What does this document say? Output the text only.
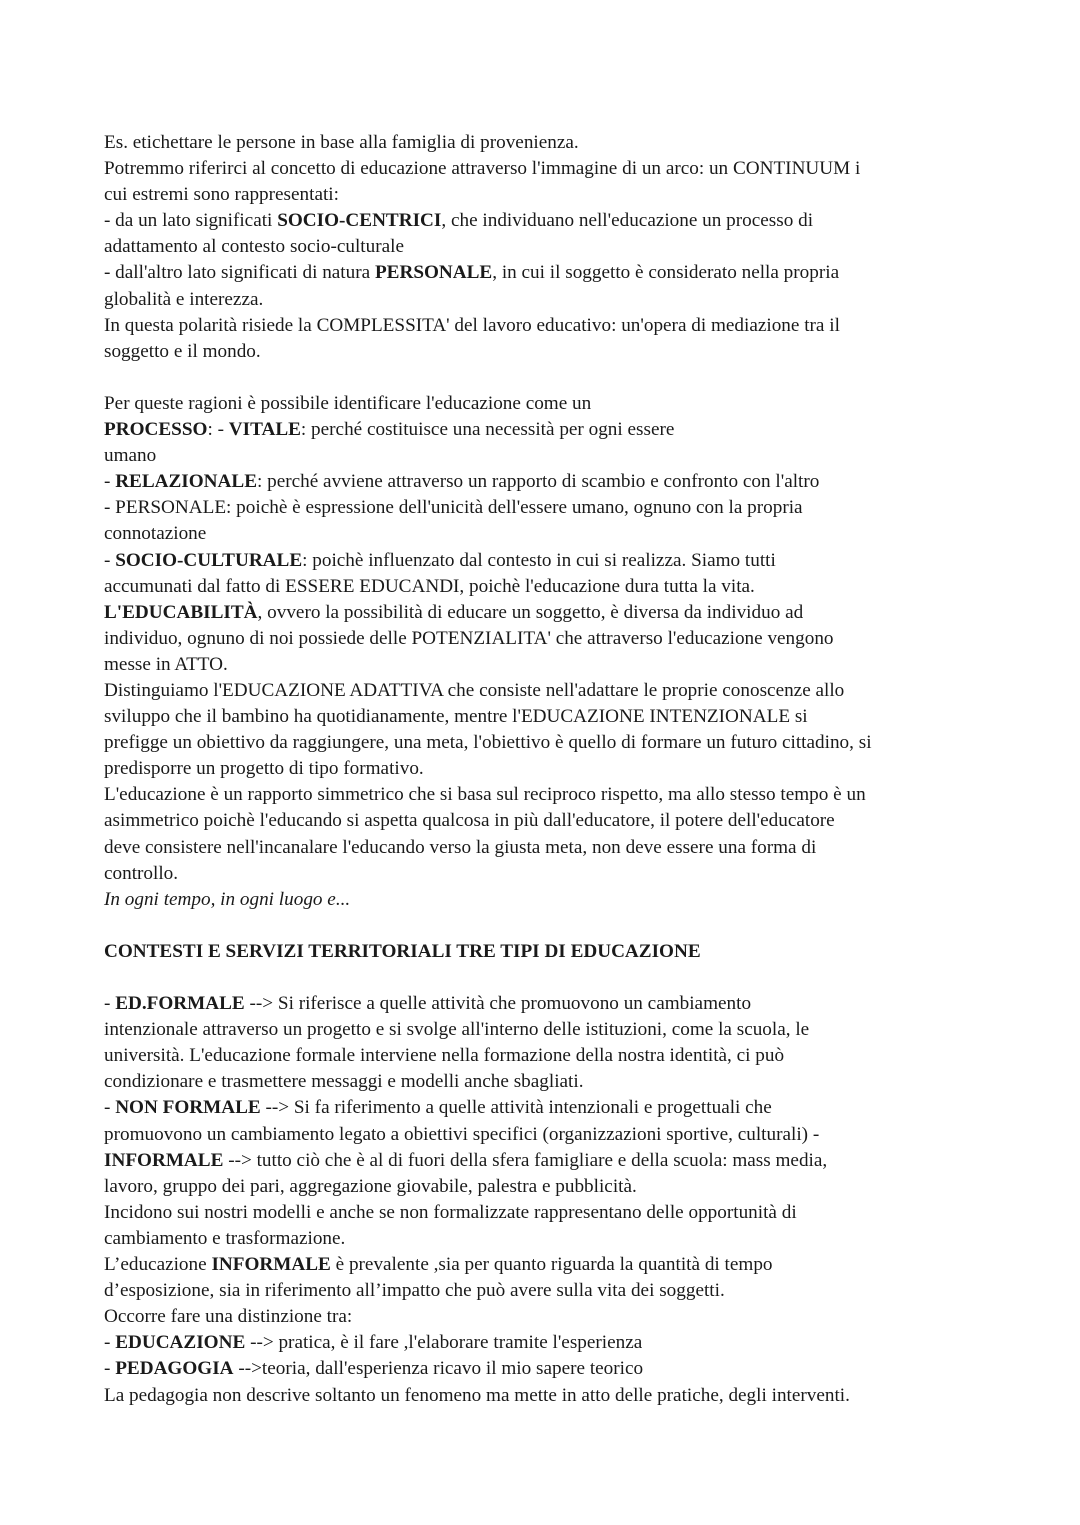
Es. etichettare le persone in base alla famiglia di provenienza.
Potremmo riferirci al concetto di educazione attraverso l'immagine di un arco: un CONTINUUM i
cui estremi sono rappresentati:
- da un lato significati SOCIO-CENTRICI, che individuano nell'educazione un processo di
adattamento al contesto socio-culturale
- dall'altro lato significati di natura PERSONALE, in cui il soggetto è considerato nella propria
globalità e interezza.
In questa polarità risiede la COMPLESSITA' del lavoro educativo: un'opera di mediazione tra il
soggetto e il mondo.
Per queste ragioni è possibile identificare l'educazione come un
PROCESSO: - VITALE: perché costituisce una necessità per ogni essere
umano
- RELAZIONALE: perché avviene attraverso un rapporto di scambio e confronto con l'altro
- PERSONALE: poichè è espressione dell'unicità dell'essere umano, ognuno con la propria
connotazione
- SOCIO-CULTURALE: poichè influenzato dal contesto in cui si realizza. Siamo tutti
accumunati dal fatto di ESSERE EDUCANDI, poichè l'educazione dura tutta la vita.
L'EDUCABILITÀ, ovvero la possibilità di educare un soggetto, è diversa da individuo ad
individuo, ognuno di noi possiede delle POTENZIALITA' che attraverso l'educazione vengono
messe in ATTO.
Distinguiamo l'EDUCAZIONE ADATTIVA che consiste nell'adattare le proprie conoscenze allo
sviluppo che il bambino ha quotidianamente, mentre l'EDUCAZIONE INTENZIONALE si
prefigge un obiettivo da raggiungere, una meta, l'obiettivo è quello di formare un futuro cittadino, si
predisporre un progetto di tipo formativo.
L'educazione è un rapporto simmetrico che si basa sul reciproco rispetto, ma allo stesso tempo è un
asimmetrico poichè l'educando si aspetta qualcosa in più dall'educatore, il potere dell'educatore
deve consistere nell'incanalare l'educando verso la giusta meta, non deve essere una forma di
controllo.
In ogni tempo, in ogni luogo e...
CONTESTI E SERVIZI TERRITORIALI TRE TIPI DI EDUCAZIONE
- ED.FORMALE --> Si riferisce a quelle attività che promuovono un cambiamento
intenzionale attraverso un progetto e si svolge all'interno delle istituzioni, come la scuola, le
università. L'educazione formale interviene nella formazione della nostra identità, ci può
condizionare e trasmettere messaggi e modelli anche sbagliati.
- NON FORMALE --> Si fa riferimento a quelle attività intenzionali e progettuali che
promuovono un cambiamento legato a obiettivi specifici (organizzazioni sportive, culturali) -
INFORMALE --> tutto ciò che è al di fuori della sfera famigliare e della scuola: mass media,
lavoro, gruppo dei pari, aggregazione giovabile, palestra e pubblicità.
Incidono sui nostri modelli e anche se non formalizzate rappresentano delle opportunità di
cambiamento e trasformazione.
L’educazione INFORMALE è prevalente ,sia per quanto riguarda la quantità di tempo
d’esposizione, sia in riferimento all’impatto che può avere sulla vita dei soggetti.
Occorre fare una distinzione tra:
- EDUCAZIONE --> pratica, è il fare ,l'elaborare tramite l'esperienza
- PEDAGOGIA -->teoria, dall'esperienza ricavo il mio sapere teorico
La pedagogia non descrive soltanto un fenomeno ma mette in atto delle pratiche, degli interventi.
